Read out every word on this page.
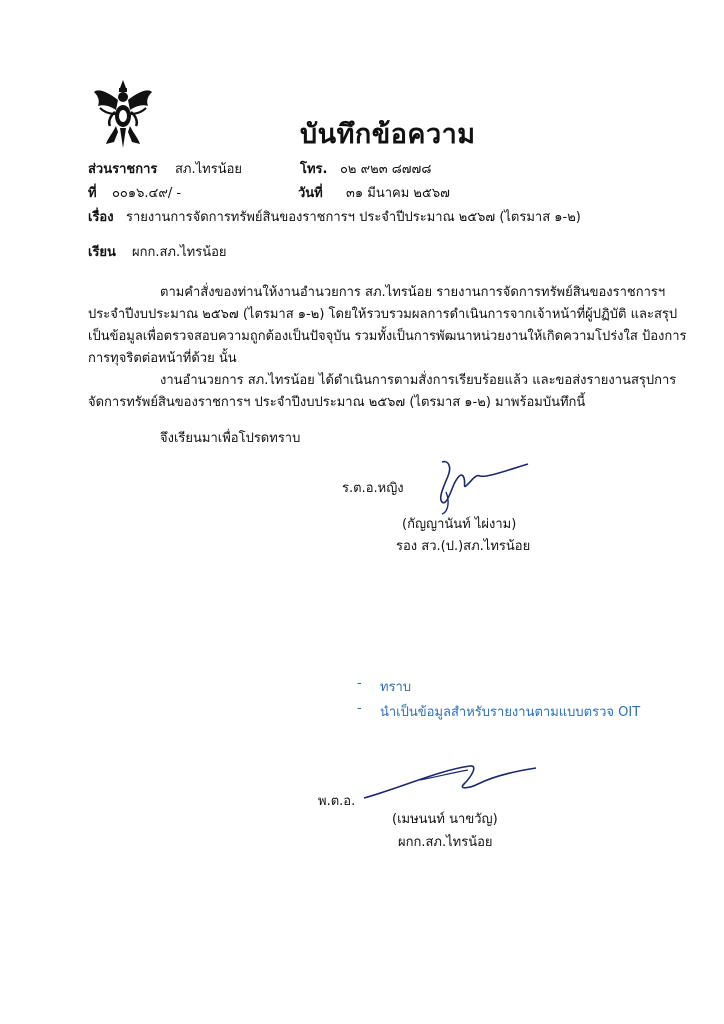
บันทึกข้อความ
ส่วนราชการ สภ.ไทรน้อย	โทร. ๐๒ ๙๒๓ ๘๗๗๘
ที่ ๐๐๑๖.๔๙/ -	วันที่ ๓๑ มีนาคม ๒๕๖๗
เรื่อง รายงานการจัดการทรัพย์สินของราชการฯ ประจำปีประมาณ ๒๕๖๗ (ไตรมาส ๑-๒)
เรียน ผกก.สภ.ไทรน้อย
ตามคำสั่งของท่านให้งานอำนวยการ สภ.ไทรน้อย รายงานการจัดการทรัพย์สินของราชการฯ
ประจำปีงบประมาณ ๒๕๖๗ (ไตรมาส ๑-๒) โดยให้รวบรวมผลการดำเนินการจากเจ้าหน้าที่ผู้ปฏิบัติ และสรุป
เป็นข้อมูลเพื่อตรวจสอบความถูกต้องเป็นปัจจุบัน รวมทั้งเป็นการพัฒนาหน่วยงานให้เกิดความโปร่งใส ป้องการ
การทุจริตต่อหน้าที่ด้วย นั้น
งานอำนวยการ สภ.ไทรน้อย ได้ดำเนินการตามสั่งการเรียบร้อยแล้ว และขอส่งรายงานสรุปการ
จัดการทรัพย์สินของราชการฯ ประจำปีงบประมาณ ๒๕๖๗ (ไตรมาส ๑-๒) มาพร้อมบันทึกนี้
จึงเรียนมาเพื่อโปรดทราบ
ร.ต.อ.หญิง
(กัญญานันท์ ไผ่งาม)
รอง สว.(ป.)สภ.ไทรน้อย
- ทราบ
- นำเป็นข้อมูลสำหรับรายงานตามแบบตรวจ OIT
พ.ต.อ.
(เมษนนท์ นาขวัญ)
ผกก.สภ.ไทรน้อย
